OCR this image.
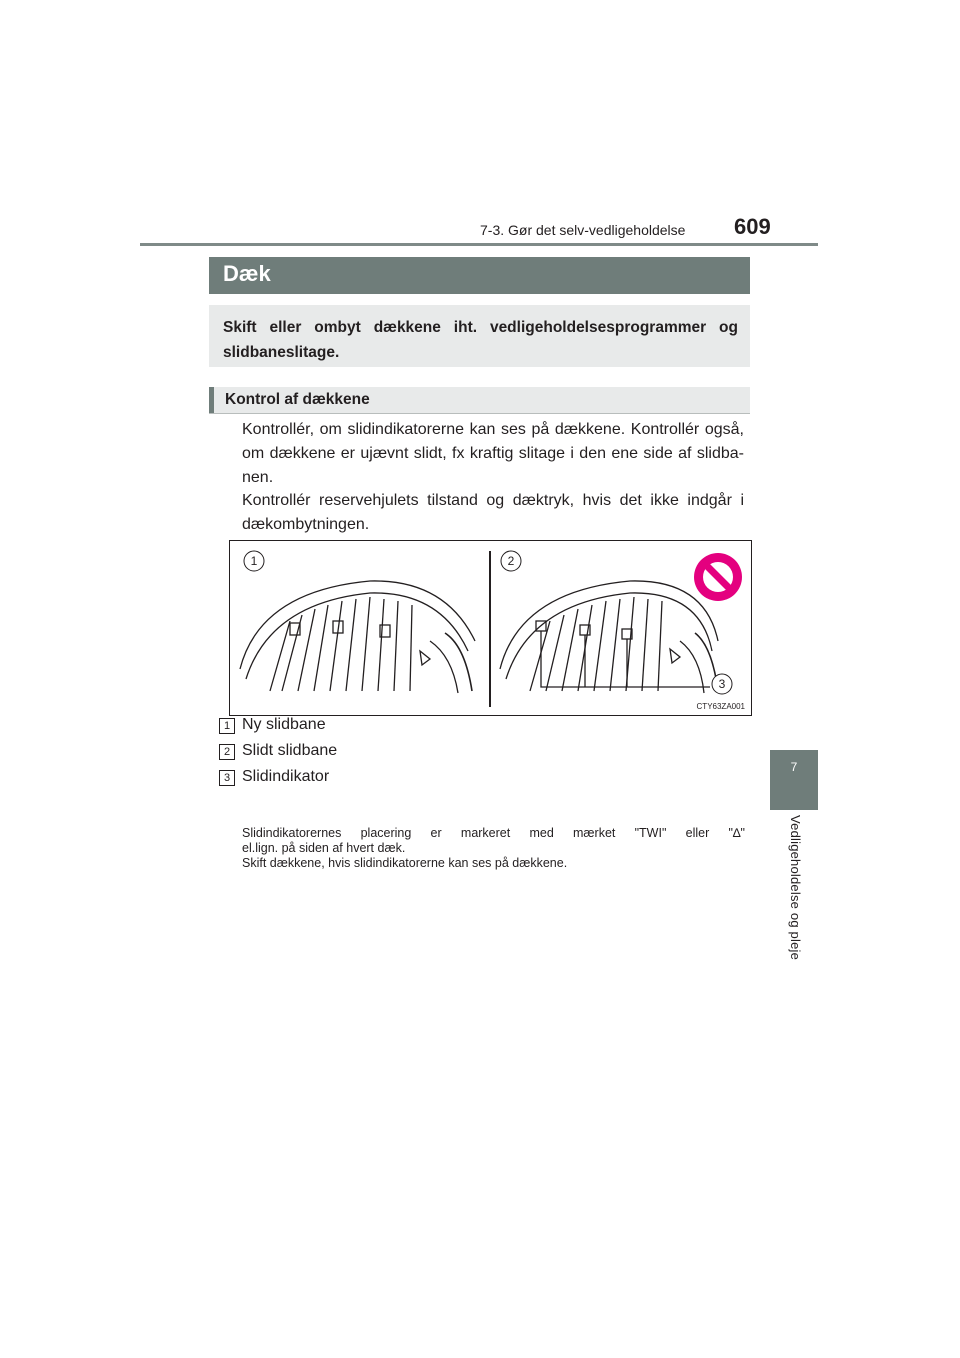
7-3. Gør det selv-vedligeholdelse 609
7
Vedligeholdelse og pleje
Dæk
Skift eller ombyt dækkene iht. vedligeholdelsesprogrammer og slidbaneslitage.
Kontrol af dækkene
Kontrollér, om slidindikatorerne kan ses på dækkene. Kontrollér også, om dækkene er ujævnt slidt, fx kraftig slitage i den ene side af slidba-nen.
Kontrollér reservehjulets tilstand og dæktryk, hvis det ikke indgår i dækombytningen.
1	2
3
CTY63ZA001
1 Ny slidbane
2 Slidt slidbane
3 Slidindikator
Slidindikatorernes placering er markeret med mærket "TWI" eller "∆"
el.lign. på siden af hvert dæk.
Skift dækkene, hvis slidindikatorerne kan ses på dækkene.
